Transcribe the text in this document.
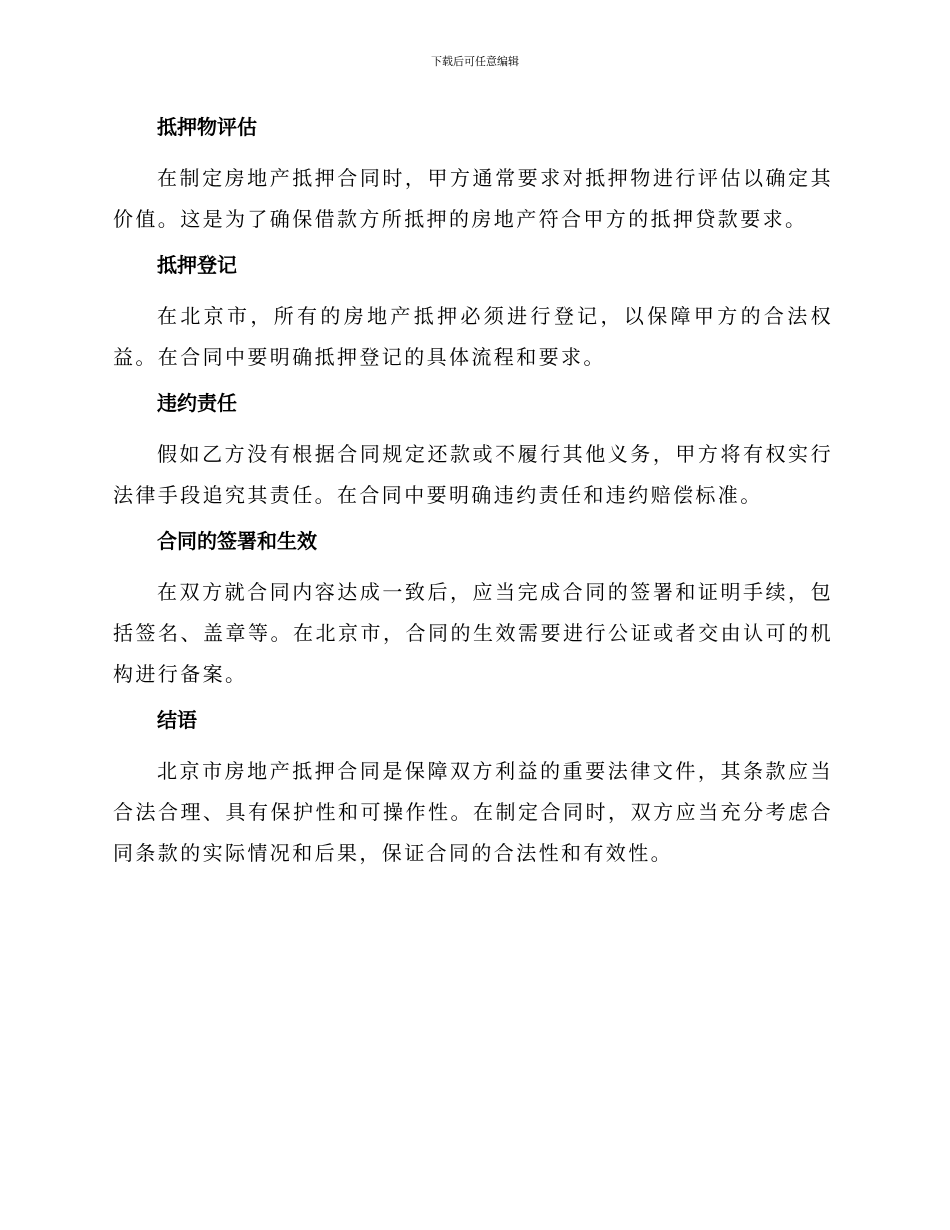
下载后可任意编辑
抵押物评估

在制定房地产抵押合同时，甲方通常要求对抵押物进行评估以确定其价值。这是为了确保借款方所抵押的房地产符合甲方的抵押贷款要求。

抵押登记

在北京市，所有的房地产抵押必须进行登记，以保障甲方的合法权益。在合同中要明确抵押登记的具体流程和要求。

违约责任

假如乙方没有根据合同规定还款或不履行其他义务，甲方将有权实行法律手段追究其责任。在合同中要明确违约责任和违约赔偿标准。

合同的签署和生效

在双方就合同内容达成一致后，应当完成合同的签署和证明手续，包括签名、盖章等。在北京市，合同的生效需要进行公证或者交由认可的机构进行备案。

结语

北京市房地产抵押合同是保障双方利益的重要法律文件，其条款应当合法合理、具有保护性和可操作性。在制定合同时，双方应当充分考虑合同条款的实际情况和后果，保证合同的合法性和有效性。
